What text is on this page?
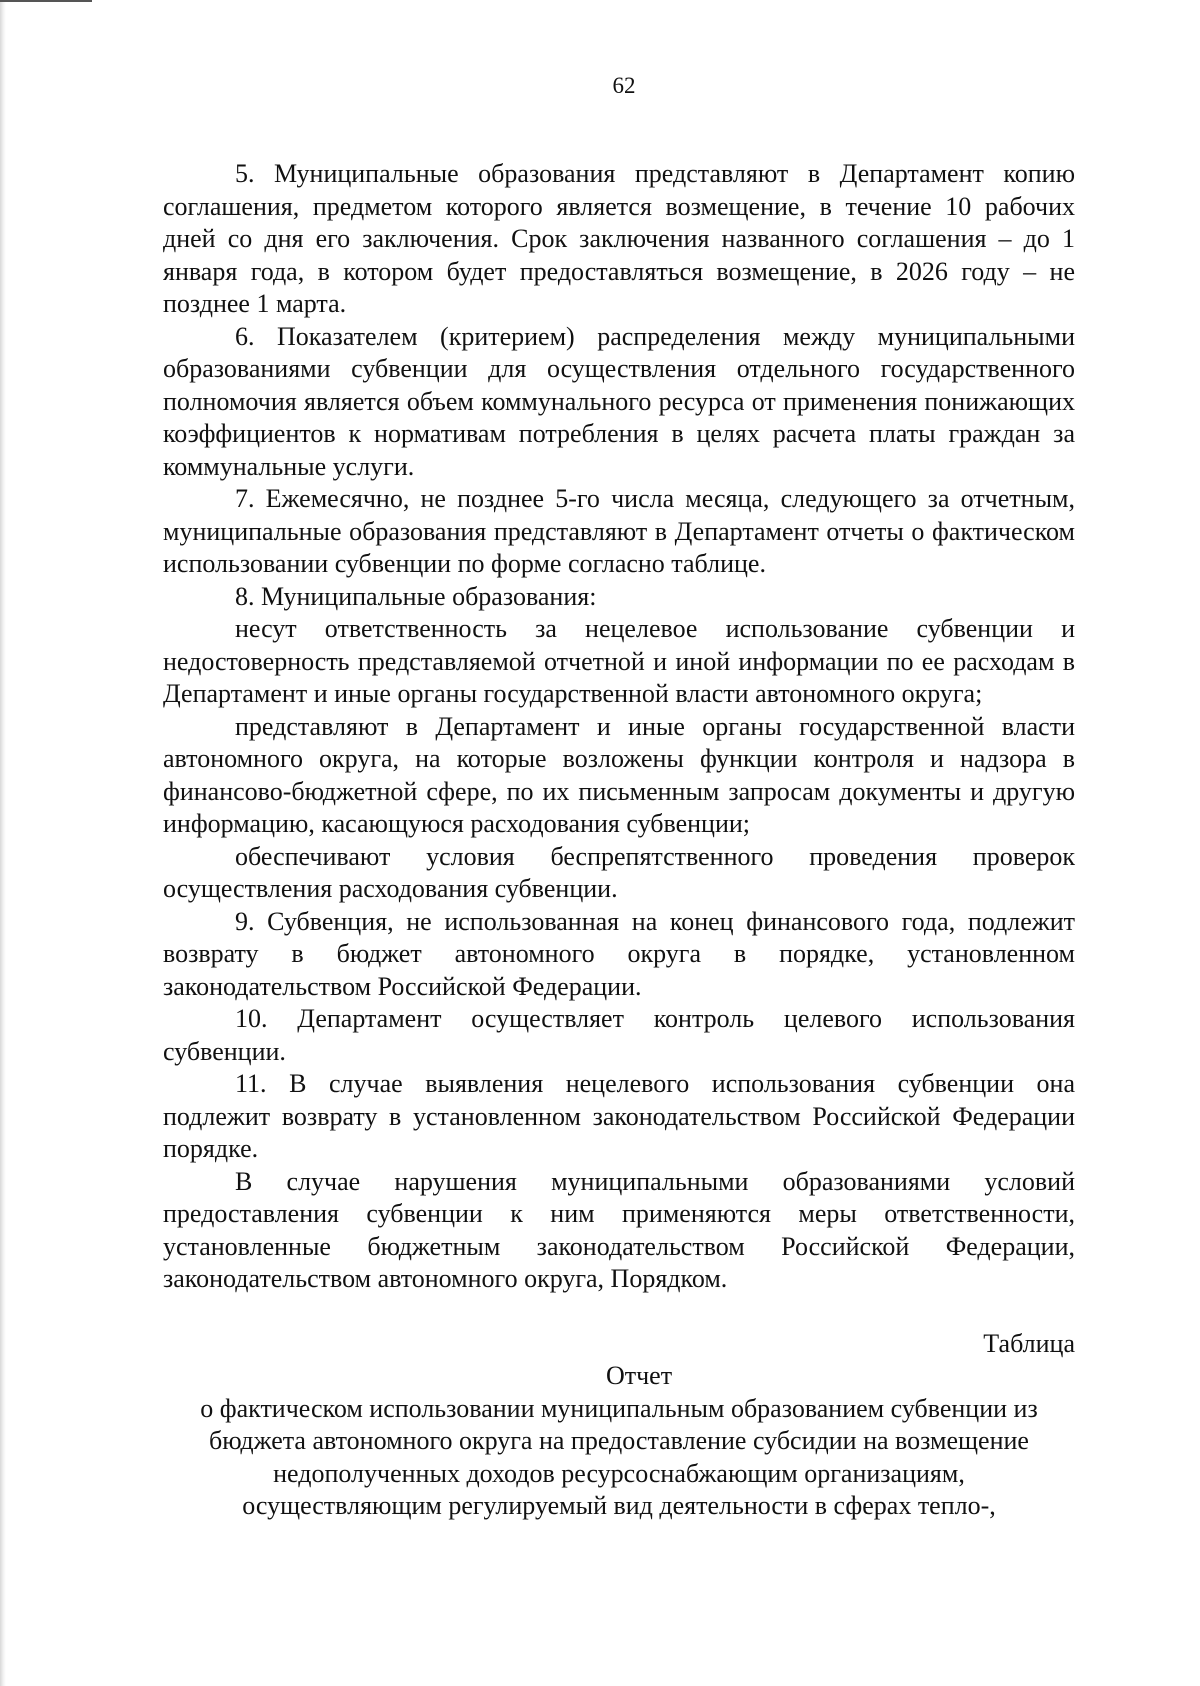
62

5. Муниципальные образования представляют в Департамент копию соглашения, предметом которого является возмещение, в течение 10 рабочих дней со дня его заключения. Срок заключения названного соглашения – до 1 января года, в котором будет предоставляться возмещение, в 2026 году – не позднее 1 марта.

6. Показателем (критерием) распределения между муниципальными образованиями субвенции для осуществления отдельного государственного полномочия является объем коммунального ресурса от применения понижающих коэффициентов к нормативам потребления в целях расчета платы граждан за коммунальные услуги.

7. Ежемесячно, не позднее 5-го числа месяца, следующего за отчетным, муниципальные образования представляют в Департамент отчеты о фактическом использовании субвенции по форме согласно таблице.

8. Муниципальные образования:

несут ответственность за нецелевое использование субвенции и недостоверность представляемой отчетной и иной информации по ее расходам в Департамент и иные органы государственной власти автономного округа;

представляют в Департамент и иные органы государственной власти автономного округа, на которые возложены функции контроля и надзора в финансово-бюджетной сфере, по их письменным запросам документы и другую информацию, касающуюся расходования субвенции;

обеспечивают условия беспрепятственного проведения проверок осуществления расходования субвенции.

9. Субвенция, не использованная на конец финансового года, подлежит возврату в бюджет автономного округа в порядке, установленном законодательством Российской Федерации.

10. Департамент осуществляет контроль целевого использования субвенции.

11. В случае выявления нецелевого использования субвенции она подлежит возврату в установленном законодательством Российской Федерации порядке.

В случае нарушения муниципальными образованиями условий предоставления субвенции к ним применяются меры ответственности, установленные бюджетным законодательством Российской Федерации, законодательством автономного округа, Порядком.

Таблица
Отчет
о фактическом использовании муниципальным образованием субвенции из
бюджета автономного округа на предоставление субсидии на возмещение
недополученных доходов ресурсоснабжающим организациям,
осуществляющим регулируемый вид деятельности в сферах тепло-,
